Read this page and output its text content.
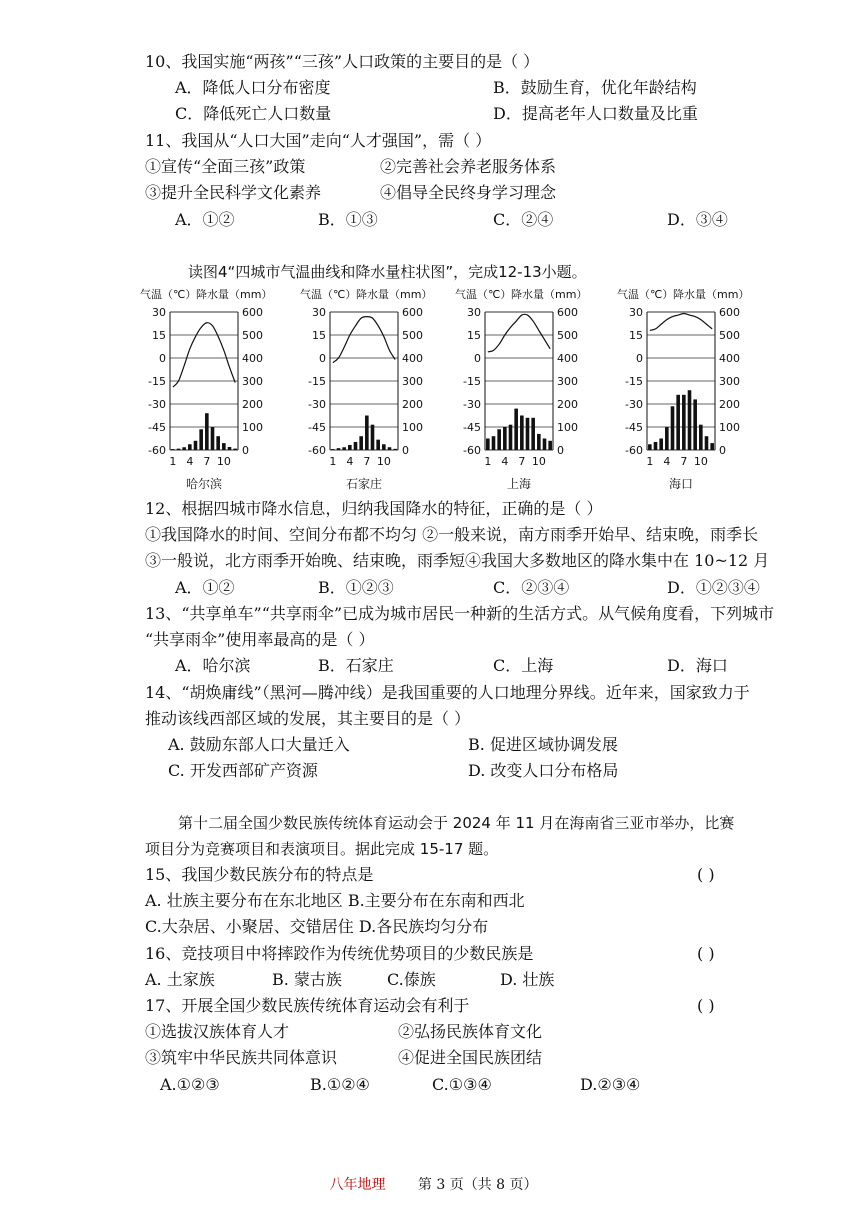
10、我国实施“两孩”“三孩”人口政策的主要目的是（ ）
A．降低人口分布密度	B．鼓励生育，优化年龄结构
C．降低死亡人口数量	D．提高老年人口数量及比重
11、我国从“人口大国”走向“人才强国”，需（ ）
①宣传“全面三孩”政策	②完善社会养老服务体系
③提升全民科学文化素养	④倡导全民终身学习理念
A．①②	B．①③	C．②④	D．③④
读图4“四城市气温曲线和降水量柱状图”，完成12-13小题。
气温（℃） 降水量（mm）
30	600
15	500
0	400
-15	300
-30	200
-45	100
-60	0
1 4 7 10
哈尔滨
气温（℃） 降水量（mm）
30	600
15	500
0	400
-15	300
-30	200
-45	100
-60	0
1 4 7 10
石家庄
气温（℃） 降水量（mm）
30	600
15	500
0	400
-15	300
-30	200
-45	100
-60	0
1 4 7 10
上海
气温（℃） 降水量（mm）
30	600
15	500
0	400
-15	300
-30	200
-45	100
-60	0
1 4 7 10
海口
12、根据四城市降水信息，归纳我国降水的特征，正确的是（ ）
①我国降水的时间、空间分布都不均匀 ②一般来说，南方雨季开始早、结束晚，雨季长
③一般说，北方雨季开始晚、结束晚，雨季短④我国大多数地区的降水集中在 10~12 月
A．①②	B．①②③	C．②③④	D．①②③④
13、“共享单车”“共享雨伞”已成为城市居民一种新的生活方式。从气候角度看，下列城市
“共享雨伞”使用率最高的是（ ）
A．哈尔滨	B．石家庄	C．上海	D．海口
14、“胡焕庸线”（黑河—腾冲线）是我国重要的人口地理分界线。近年来，国家致力于
推动该线西部区域的发展，其主要目的是（ ）
A. 鼓励东部人口大量迁入	B. 促进区域协调发展
C. 开发西部矿产资源	D. 改变人口分布格局
第十二届全国少数民族传统体育运动会于 2024 年 11 月在海南省三亚市举办，比赛
项目分为竞赛项目和表演项目。据此完成 15-17 题。
15、我国少数民族分布的特点是	( )
A. 壮族主要分布在东北地区 B.主要分布在东南和西北
C.大杂居、小聚居、交错居住 D.各民族均匀分布
16、竞技项目中将摔跤作为传统优势项目的少数民族是	( )
A. 土家族	B. 蒙古族	C.傣族	D. 壮族
17、开展全国少数民族传统体育运动会有利于	( )
①选拔汉族体育人才	②弘扬民族体育文化
③筑牢中华民族共同体意识	④促进全国民族团结
A.①②③	B.①②④	C.①③④	D.②③④
八年地理 第 3 页（共 8 页）
